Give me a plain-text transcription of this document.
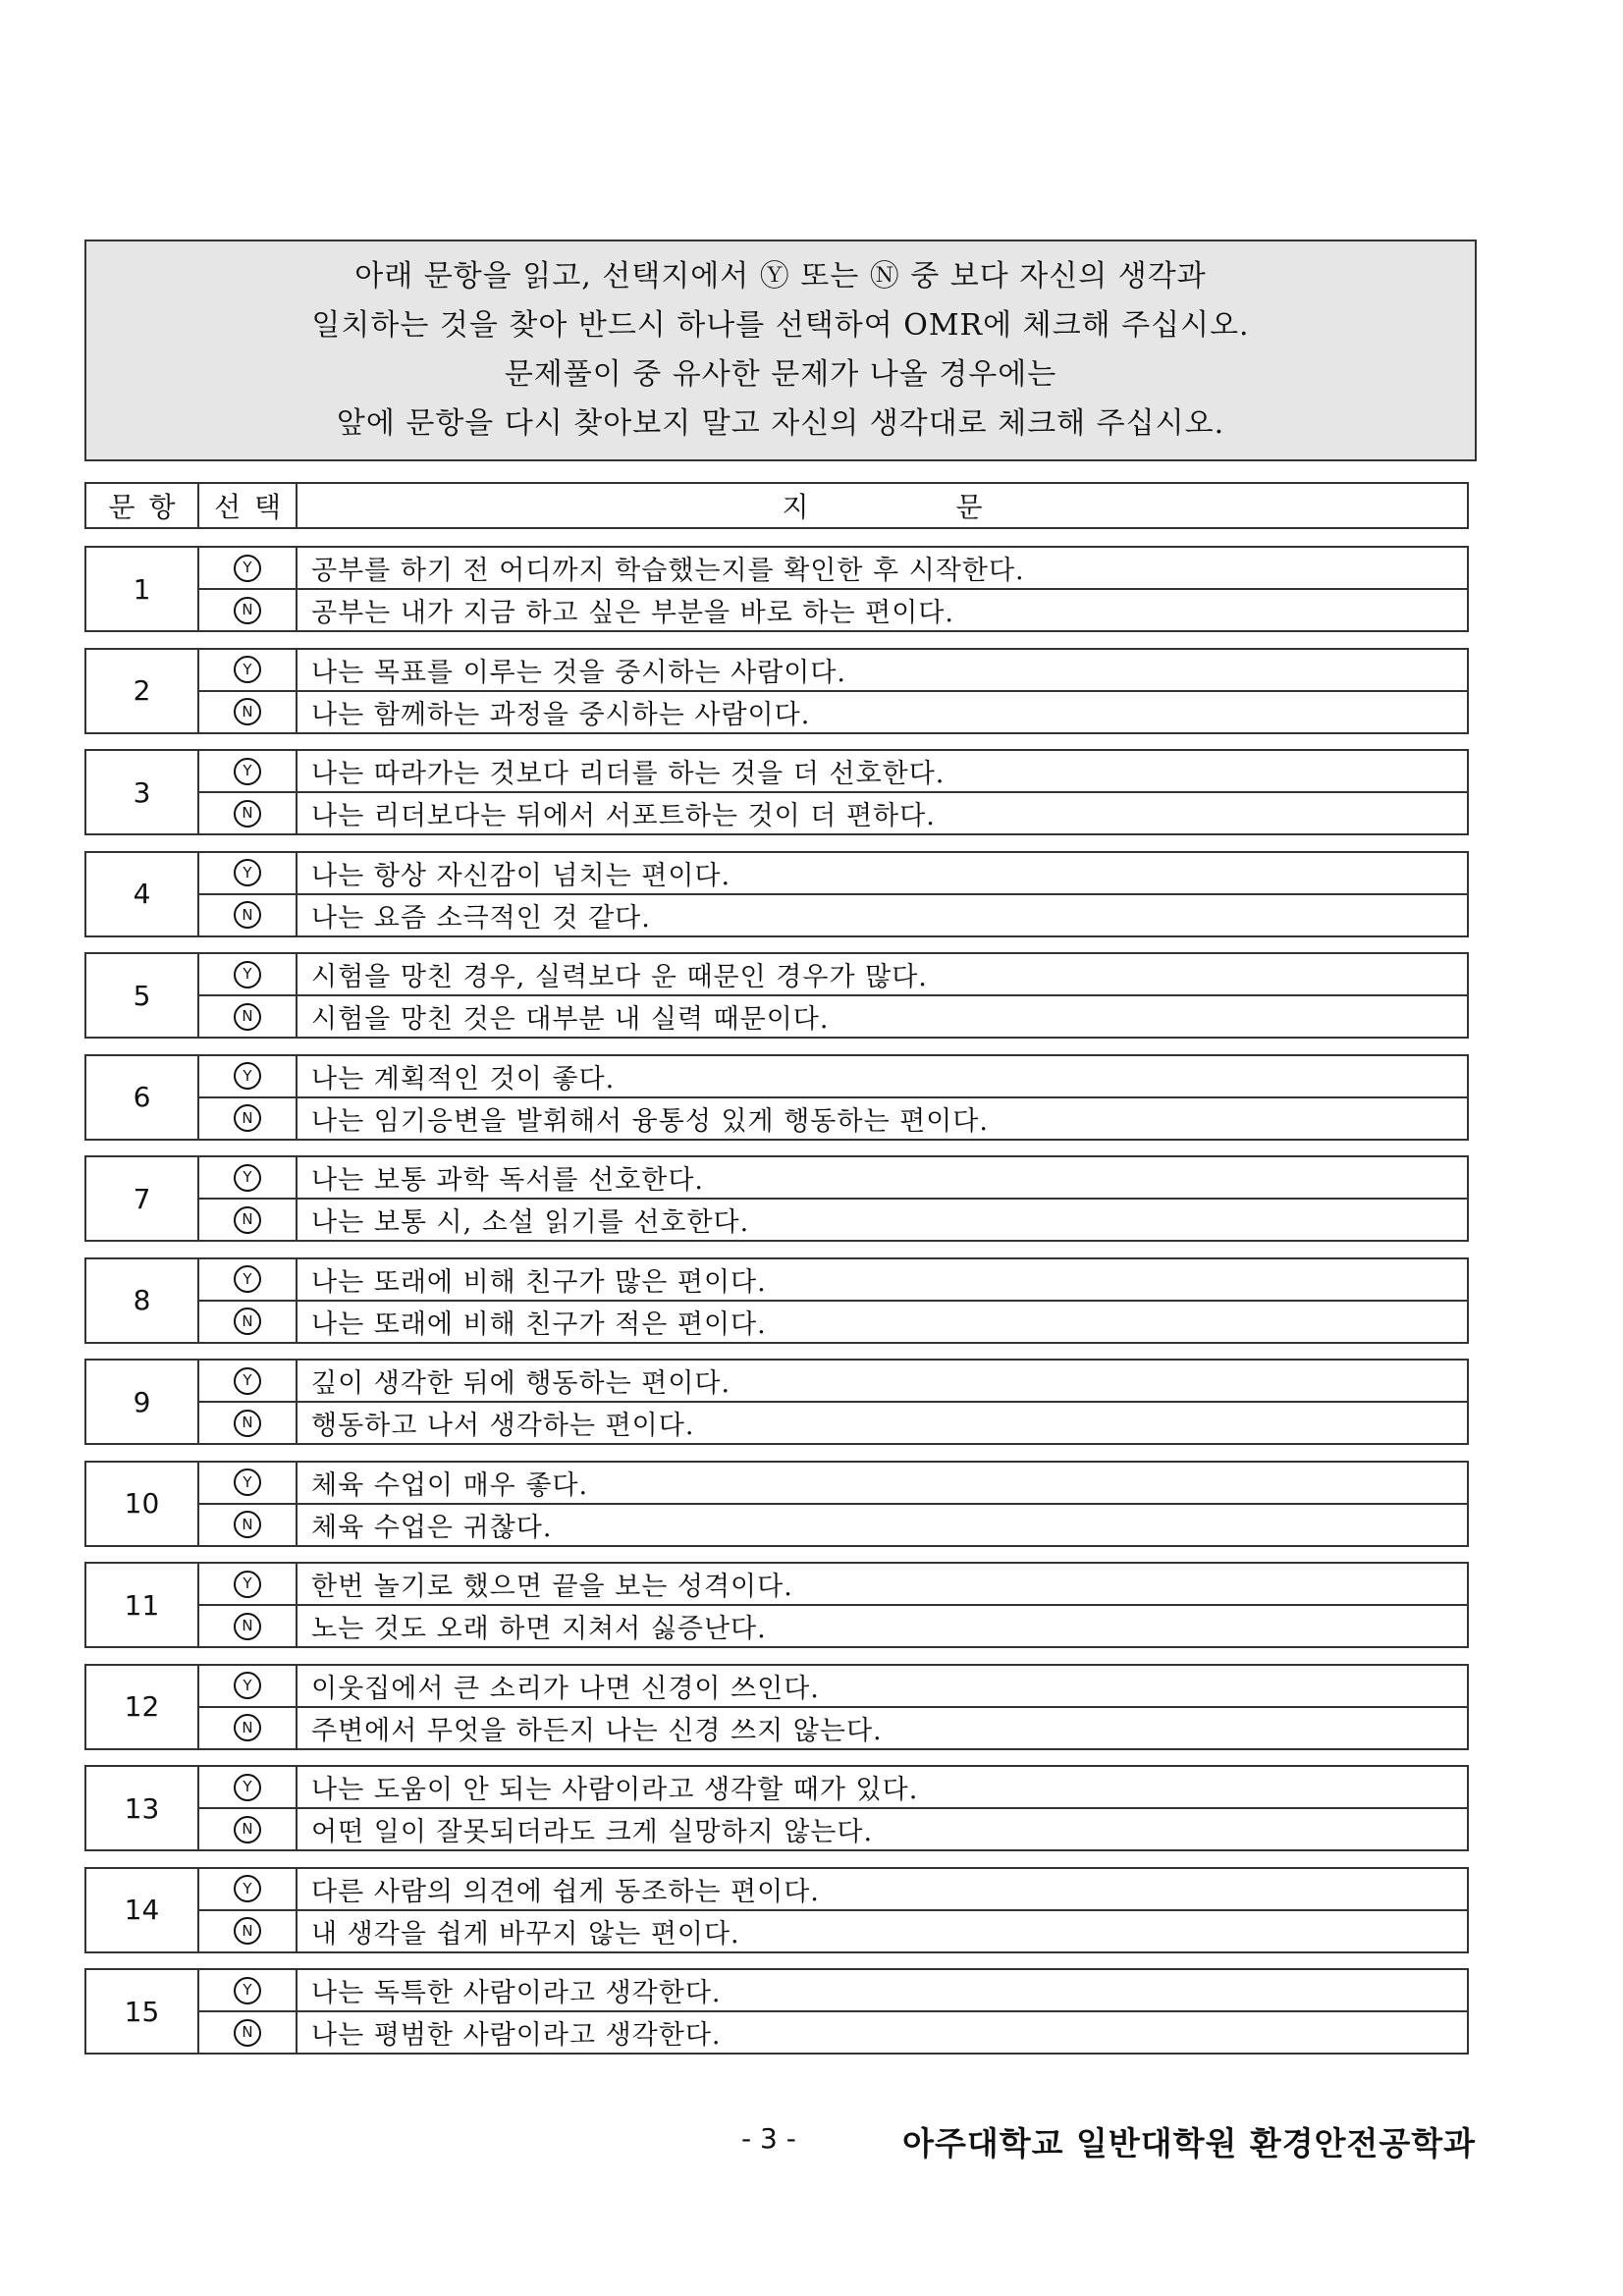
아래 문항을 읽고, 선택지에서 Ⓨ 또는 Ⓝ 중 보다 자신의 생각과
일치하는 것을 찾아 반드시 하나를 선택하여 OMR에 체크해 주십시오.
문제풀이 중 유사한 문제가 나올 경우에는
앞에 문항을 다시 찾아보지 말고 자신의 생각대로 체크해 주십시오.
문항 선택	지문
1
Y	공부를 하기 전 어디까지 학습했는지를 확인한 후 시작한다.
N	공부는 내가 지금 하고 싶은 부분을 바로 하는 편이다.
2
Y	나는 목표를 이루는 것을 중시하는 사람이다.
N	나는 함께하는 과정을 중시하는 사람이다.
3
Y	나는 따라가는 것보다 리더를 하는 것을 더 선호한다.
N	나는 리더보다는 뒤에서 서포트하는 것이 더 편하다.
4
Y	나는 항상 자신감이 넘치는 편이다.
N	나는 요즘 소극적인 것 같다.
5
Y	시험을 망친 경우, 실력보다 운 때문인 경우가 많다.
N	시험을 망친 것은 대부분 내 실력 때문이다.
6
Y	나는 계획적인 것이 좋다.
N	나는 임기응변을 발휘해서 융통성 있게 행동하는 편이다.
7
Y	나는 보통 과학 독서를 선호한다.
N	나는 보통 시, 소설 읽기를 선호한다.
8
Y	나는 또래에 비해 친구가 많은 편이다.
N	나는 또래에 비해 친구가 적은 편이다.
9
Y	깊이 생각한 뒤에 행동하는 편이다.
N	행동하고 나서 생각하는 편이다.
10
Y	체육 수업이 매우 좋다.
N	체육 수업은 귀찮다.
11
Y	한번 놀기로 했으면 끝을 보는 성격이다.
N	노는 것도 오래 하면 지쳐서 싫증난다.
12
Y	이웃집에서 큰 소리가 나면 신경이 쓰인다.
N	주변에서 무엇을 하든지 나는 신경 쓰지 않는다.
13
Y	나는 도움이 안 되는 사람이라고 생각할 때가 있다.
N	어떤 일이 잘못되더라도 크게 실망하지 않는다.
14
Y	다른 사람의 의견에 쉽게 동조하는 편이다.
N	내 생각을 쉽게 바꾸지 않는 편이다.
15
Y	나는 독특한 사람이라고 생각한다.
N	나는 평범한 사람이라고 생각한다.
- 3 -	아주대학교 일반대학원 환경안전공학과
